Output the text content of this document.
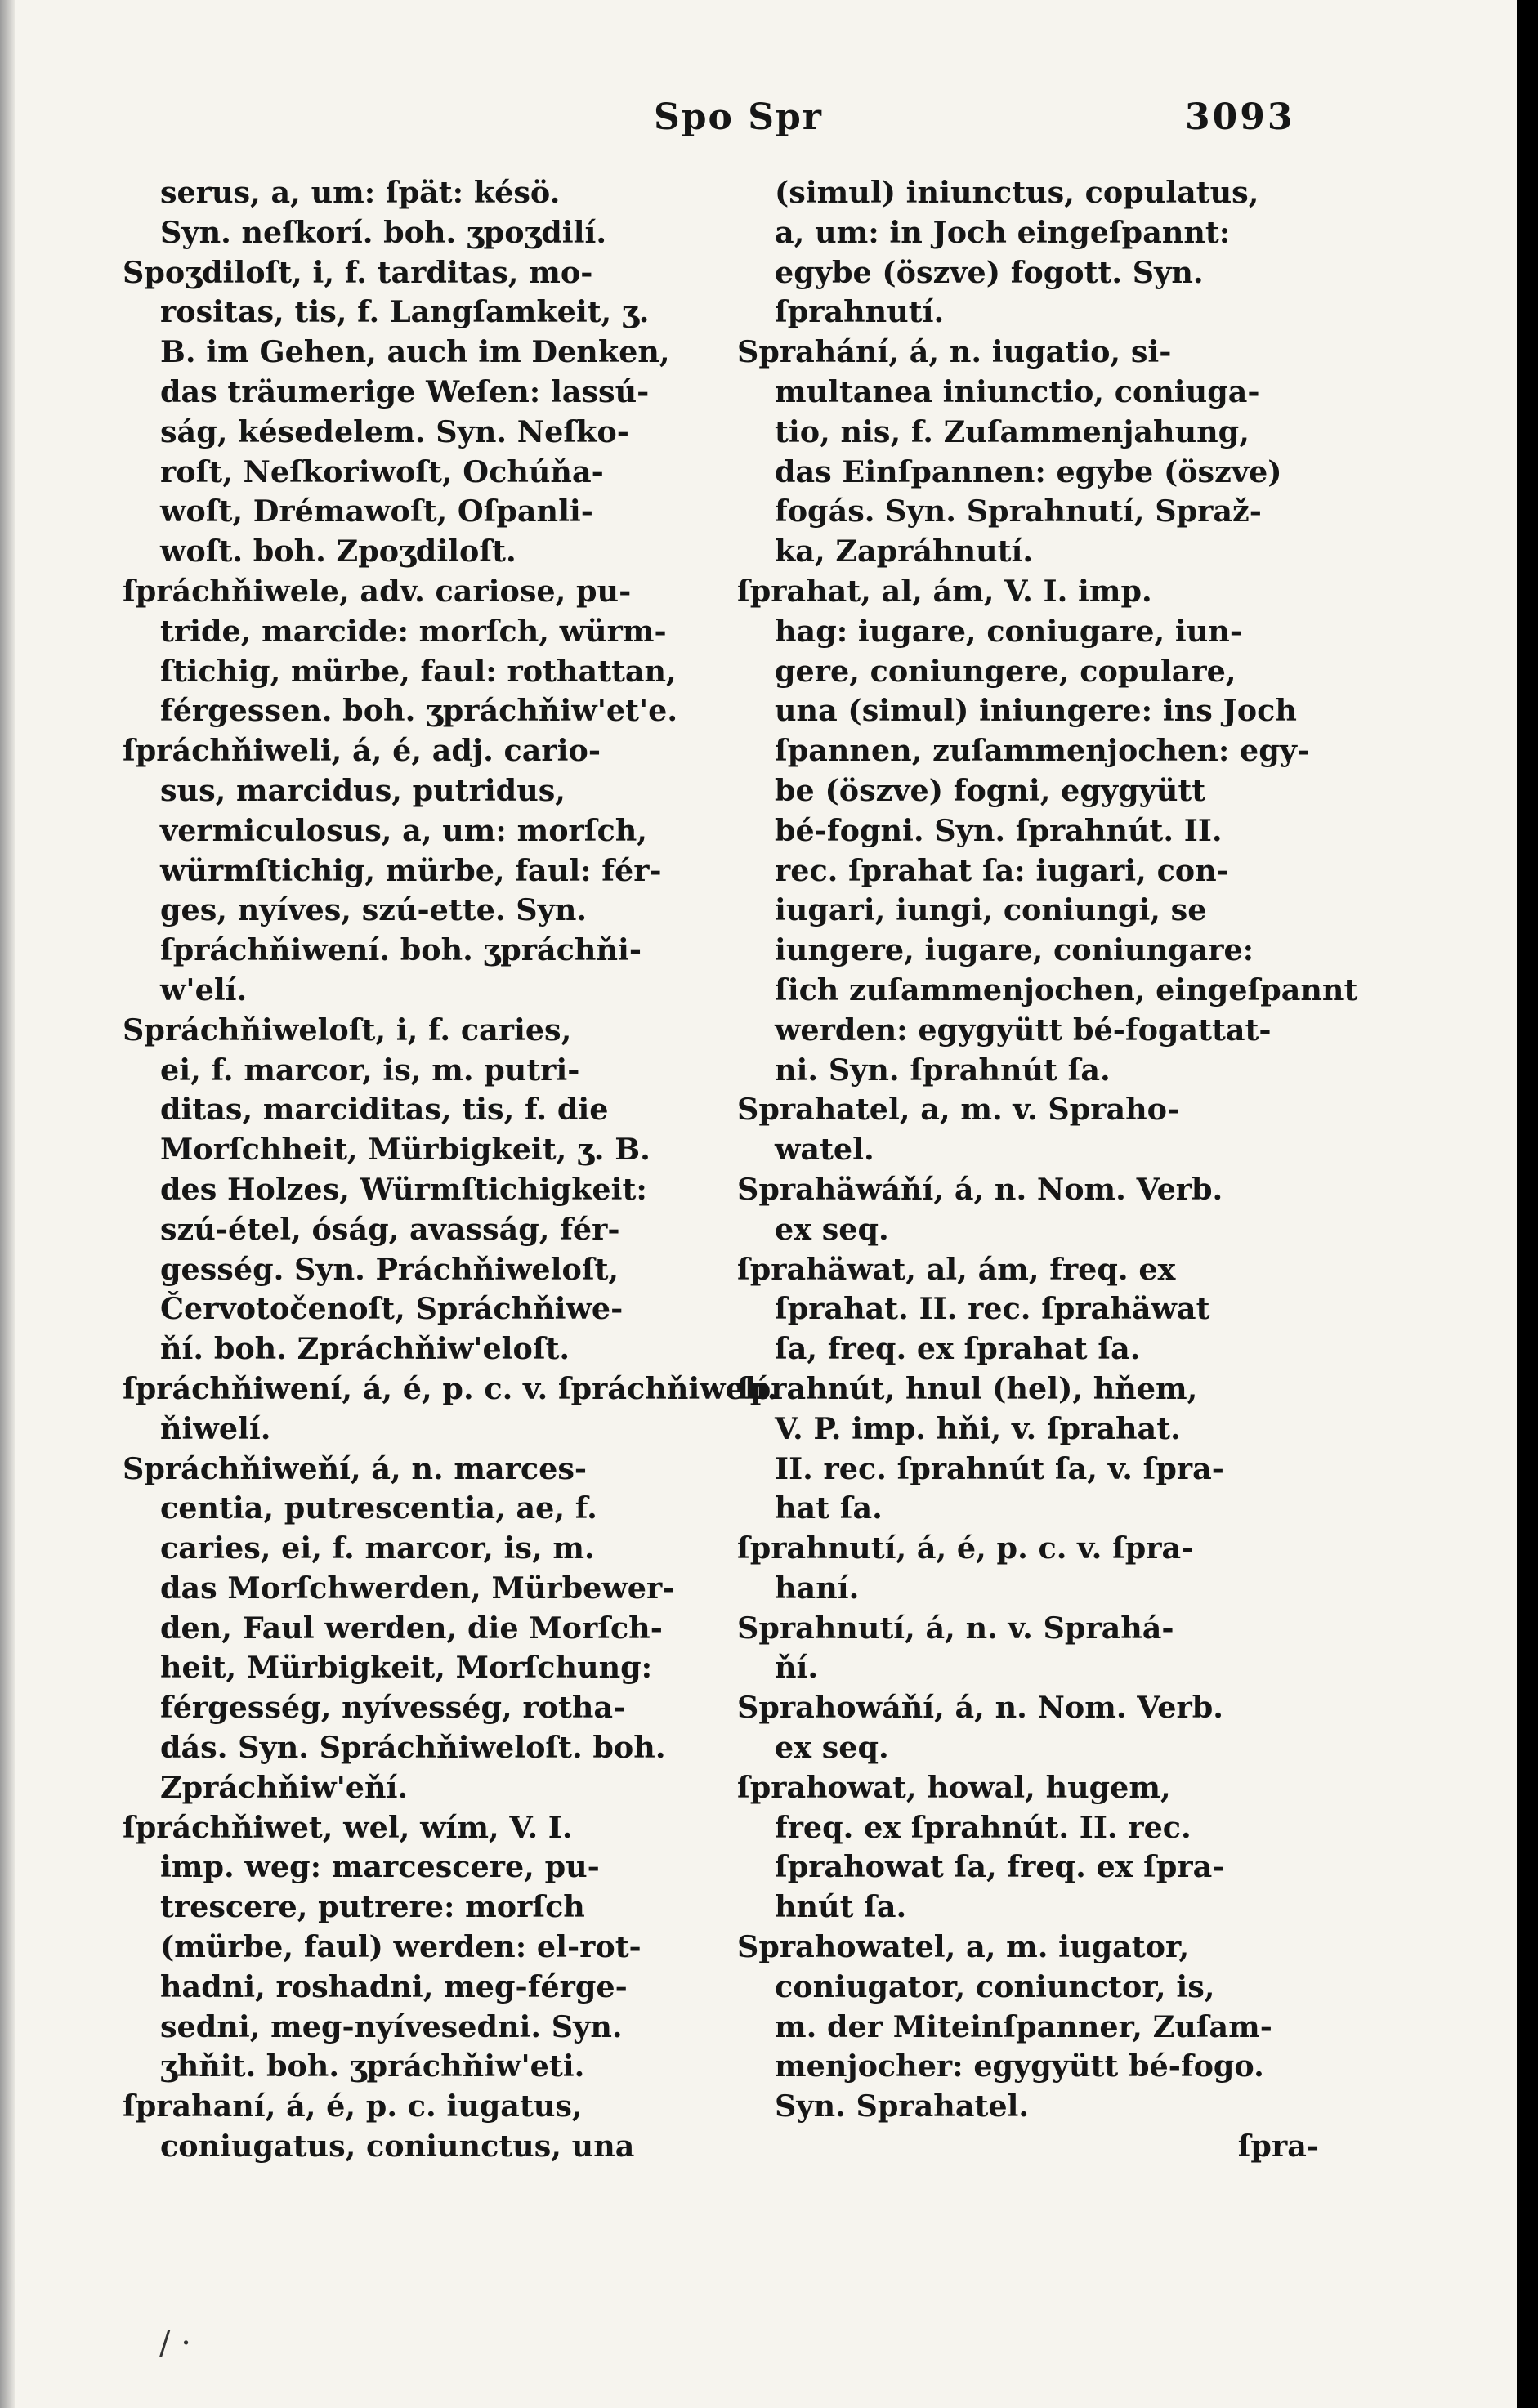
Spo Spr	3093
serus, a, um: ſpät: késö.
Syn. neſkorí. boh. ʒpoʒdilí.
Spoʒdiloſt, i, f. tarditas, mo-
rositas, tis, f. Langſamkeit, ʒ.
B. im Gehen, auch im Denken,
das träumerige Weſen: lassú-
ság, késedelem. Syn. Neſko-
roſt, Neſkoriwoſt, Ochúňa-
woſt, Drémawoſt, Oſpanli-
woſt. boh. Zpoʒdiloſt.
ſpráchňiwele, adv. cariose, pu-
tride, marcide: morſch, würm-
ſtichig, mürbe, faul: rothattan,
férgessen. boh. ʒpráchňiw'et'e.
ſpráchňiweli, á, é, adj. cario-
sus, marcidus, putridus,
vermiculosus, a, um: morſch,
würmſtichig, mürbe, faul: fér-
ges, nyíves, szú-ette. Syn.
ſpráchňiwení. boh. ʒpráchňi-
w'elí.
Spráchňiweloſt, i, f. caries,
ei, f. marcor, is, m. putri-
ditas, marciditas, tis, f. die
Morſchheit, Mürbigkeit, ʒ. B.
des Holzes, Würmſtichigkeit:
szú-étel, óság, avasság, fér-
gesség. Syn. Práchňiweloſt,
Červotočenoſt, Spráchňiwe-
ňí. boh. Zpráchňiw'eloſt.
ſpráchňiwení, á, é, p. c. v. ſpráchňiwelí.
ňiwelí.
Spráchňiweňí, á, n. marces-
centia, putrescentia, ae, f.
caries, ei, f. marcor, is, m.
das Morſchwerden, Mürbewer-
den, Faul werden, die Morſch-
heit, Mürbigkeit, Morſchung:
férgesség, nyívesség, rotha-
dás. Syn. Spráchňiweloſt. boh.
Zpráchňiw'eňí.
ſpráchňiwet, wel, wím, V. I.
imp. weg: marcescere, pu-
trescere, putrere: morſch
(mürbe, faul) werden: el-rot-
hadni, roshadni, meg-férge-
sedni, meg-nyívesedni. Syn.
ʒhňit. boh. ʒpráchňiw'eti.
ſprahaní, á, é, p. c. iugatus,
coniugatus, coniunctus, una
(simul) iniunctus, copulatus,
a, um: in Joch eingeſpannt:
egybe (öszve) fogott. Syn.
ſprahnutí.
Sprahání, á, n. iugatio, si-
multanea iniunctio, coniuga-
tio, nis, f. Zuſammenjahung,
das Einſpannen: egybe (öszve)
fogás. Syn. Sprahnutí, Spraž-
ka, Zapráhnutí.
ſprahat, al, ám, V. I. imp.
hag: iugare, coniugare, iun-
gere, coniungere, copulare,
una (simul) iniungere: ins Joch
ſpannen, zuſammenjochen: egy-
be (öszve) fogni, egygyütt
bé-fogni. Syn. ſprahnút. II.
rec. ſprahat ſa: iugari, con-
iugari, iungi, coniungi, se
iungere, iugare, coniungare:
ſich zuſammenjochen, eingeſpannt
werden: egygyütt bé-fogattat-
ni. Syn. ſprahnút ſa.
Sprahatel, a, m. v. Spraho-
watel.
Sprahäwáňí, á, n. Nom. Verb.
ex seq.
ſprahäwat, al, ám, freq. ex
ſprahat. II. rec. ſprahäwat
ſa, freq. ex ſprahat ſa.
ſprahnút, hnul (hel), hňem,
V. P. imp. hňi, v. ſprahat.
II. rec. ſprahnút ſa, v. ſpra-
hat ſa.
ſprahnutí, á, é, p. c. v. ſpra-
haní.
Sprahnutí, á, n. v. Sprahá-
ňí.
Sprahowáňí, á, n. Nom. Verb.
ex seq.
ſprahowat, howal, hugem,
freq. ex ſprahnút. II. rec.
ſprahowat ſa, freq. ex ſpra-
hnút ſa.
Sprahowatel, a, m. iugator,
coniugator, coniunctor, is,
m. der Miteinſpanner, Zuſam-
menjocher: egygyütt bé-fogo.
Syn. Sprahatel.
ſpra-
/ ·
